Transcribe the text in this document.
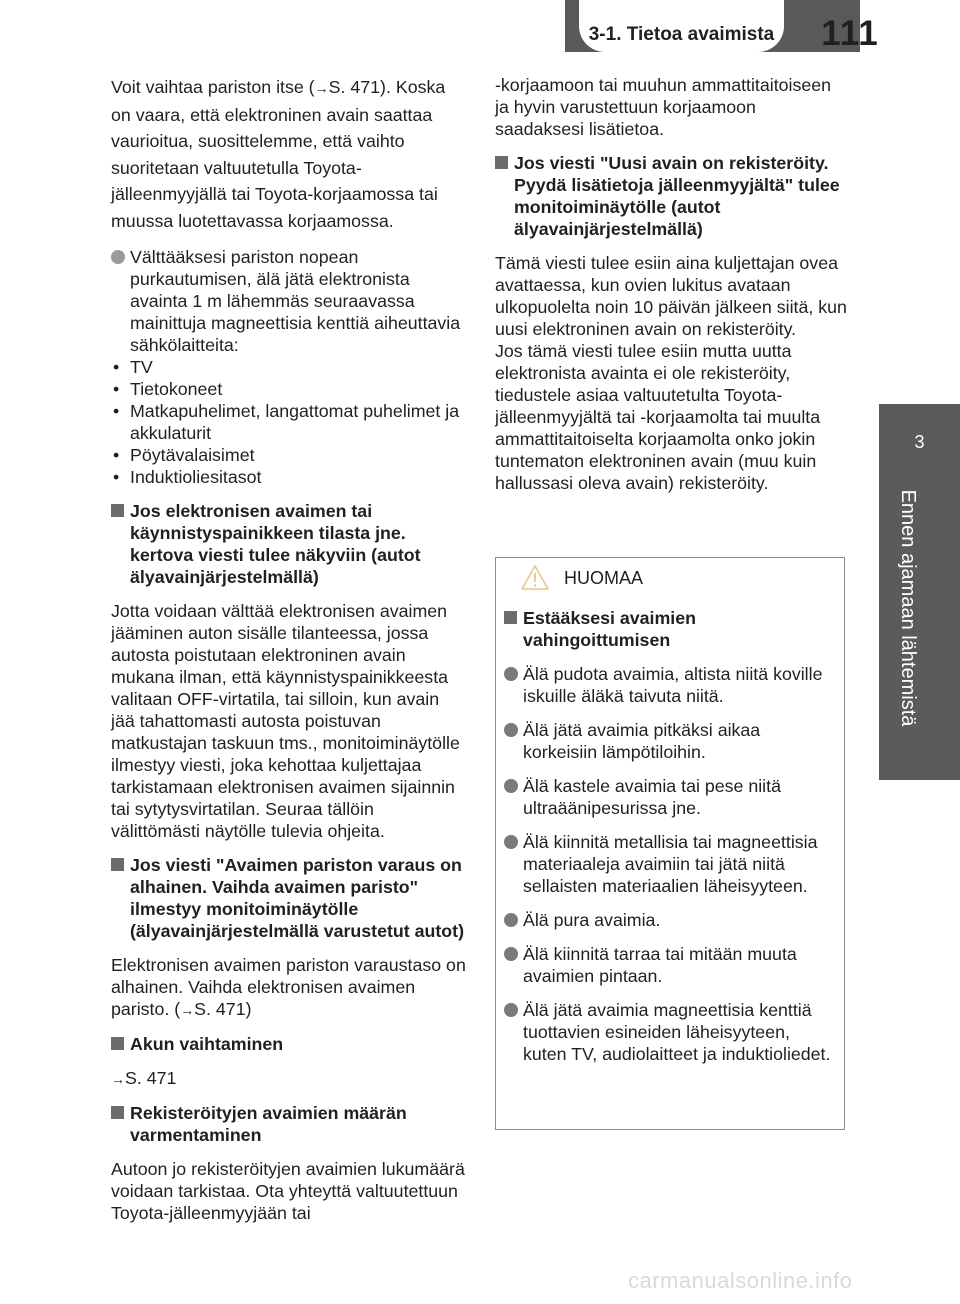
3-1. Tietoa avaimista	111
3
Ennen ajamaan lähtemistä

Voit vaihtaa pariston itse (→S. 471). Koska on vaara, että elektroninen avain saattaa vaurioitua, suosittelemme, että vaihto suoritetaan valtuutetulla Toyota-jälleenmyyjällä tai Toyota-korjaamossa tai muussa luotettavassa korjaamossa.

Välttääksesi pariston nopean purkautumisen, älä jätä elektronista avainta 1 m lähemmäs seuraavassa mainittuja magneettisia kenttiä aiheuttavia sähkölaitteita:

• TV
• Tietokoneet
• Matkapuhelimet, langattomat puhelimet ja akkulaturit
• Pöytävalaisimet
• Induktioliesitasot
Jos elektronisen avaimen tai käynnistyspainikkeen tilasta jne. kertova viesti tulee näkyviin (autot älyavainjärjestelmällä)

Jotta voidaan välttää elektronisen avaimen jääminen auton sisälle tilanteessa, jossa autosta poistutaan elektroninen avain mukana ilman, että käynnistyspainikkeesta valitaan OFF-virtatila, tai silloin, kun avain jää tahattomasti autosta poistuvan matkustajan taskuun tms., monitoiminäytölle ilmestyy viesti, joka kehottaa kuljettajaa tarkistamaan elektronisen avaimen sijainnin tai sytytysvirtatilan. Seuraa tällöin välittömästi näytölle tulevia ohjeita.

Jos viesti "Avaimen pariston varaus on alhainen. Vaihda avaimen paristo" ilmestyy monitoiminäytölle (älyavainjärjestelmällä varustetut autot)

Elektronisen avaimen pariston varaustaso on alhainen. Vaihda elektronisen avaimen paristo. (→S. 471)

Akun vaihtaminen

→S. 471

Rekisteröityjen avaimien määrän varmentaminen

Autoon jo rekisteröityjen avaimien lukumäärä voidaan tarkistaa. Ota yhteyttä valtuutettuun Toyota-jälleenmyyjään tai

-korjaamoon tai muuhun ammattitaitoiseen ja hyvin varustettuun korjaamoon saadaksesi lisätietoa.

Jos viesti "Uusi avain on rekisteröity. Pyydä lisätietoja jälleenmyyjältä" tulee monitoiminäytölle (autot älyavainjärjestelmällä)

Tämä viesti tulee esiin aina kuljettajan ovea avattaessa, kun ovien lukitus avataan ulkopuolelta noin 10 päivän jälkeen siitä, kun uusi elektroninen avain on rekisteröity.

Jos tämä viesti tulee esiin mutta uutta elektronista avainta ei ole rekisteröity, tiedustele asiaa valtuutetulta Toyota-jälleenmyyjältä tai -korjaamolta tai muulta ammattitaitoiselta korjaamolta onko jokin tuntematon elektroninen avain (muu kuin hallussasi oleva avain) rekisteröity.

HUOMAA
Estääksesi avaimien vahingoittumisen

Älä pudota avaimia, altista niitä koville iskuille äläkä taivuta niitä.

Älä jätä avaimia pitkäksi aikaa korkeisiin lämpötiloihin.

Älä kastele avaimia tai pese niitä ultraäänipesurissa jne.

Älä kiinnitä metallisia tai magneettisia materiaaleja avaimiin tai jätä niitä sellaisten materiaalien läheisyyteen.

Älä pura avaimia.

Älä kiinnitä tarraa tai mitään muuta avaimien pintaan.

Älä jätä avaimia magneettisia kenttiä tuottavien esineiden läheisyyteen, kuten TV, audiolaitteet ja induktioliedet.

carmanualsonline.info
